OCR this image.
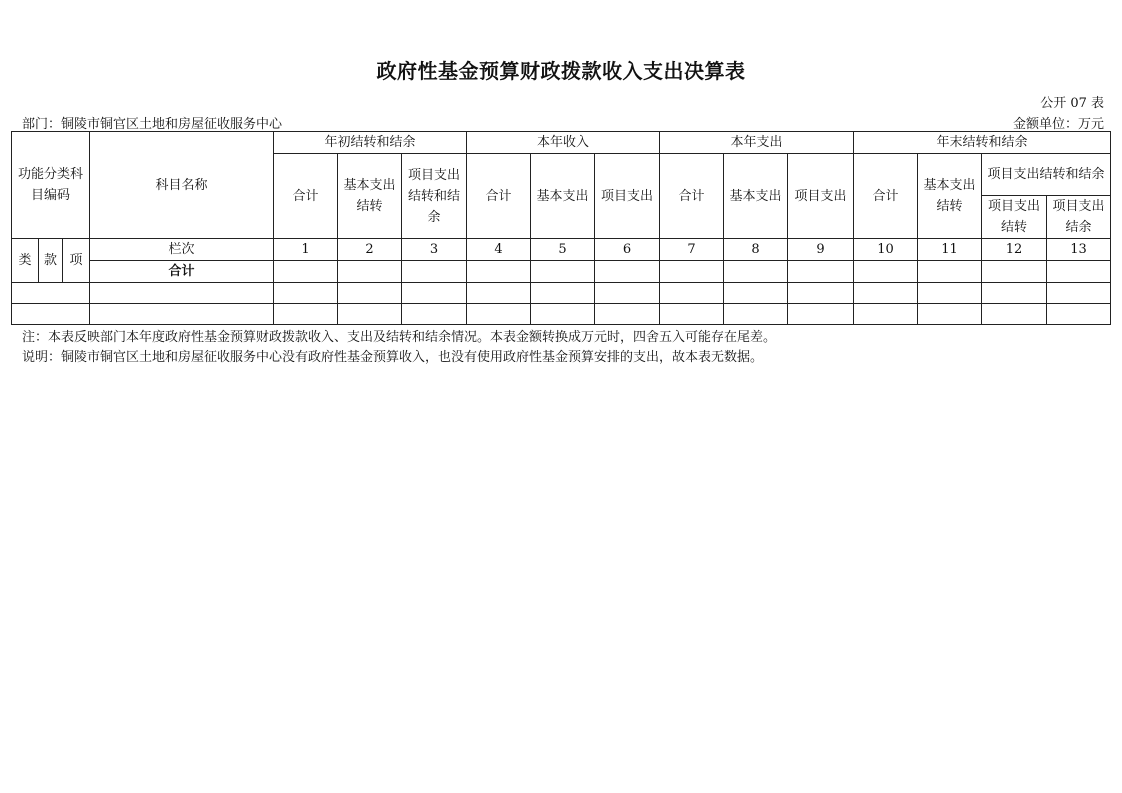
政府性基金预算财政拨款收入支出决算表
公开 07 表
部门：铜陵市铜官区土地和房屋征收服务中心	金额单位：万元
功能分类科目编码			科目名称	年初结转和结余			本年收入			本年支出			年末结转和结余			
				合计	基本支出结转	项目支出结转和结余	合计	基本支出	项目支出	合计	基本支出	项目支出	合计	基本支出结转	项目支出结转和结余	
															项目支出结转	项目支出结余
类	款	项	栏次	1	2	3	4	5	6	7	8	9	10	11	12	13
			合计													

注：本表反映部门本年度政府性基金预算财政拨款收入、支出及结转和结余情况。本表金额转换成万元时，四舍五入可能存在尾差。
说明：铜陵市铜官区土地和房屋征收服务中心没有政府性基金预算收入，也没有使用政府性基金预算安排的支出，故本表无数据。
